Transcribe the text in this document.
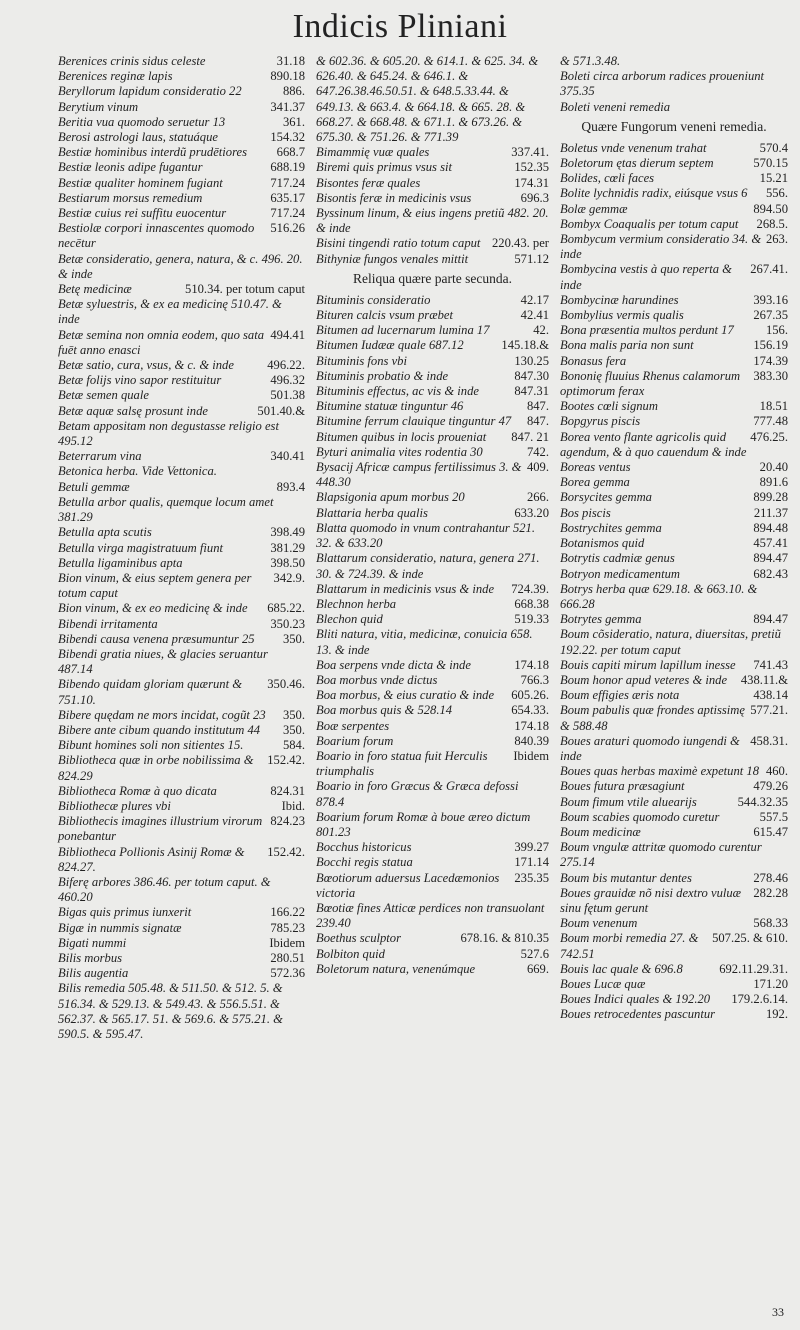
Indicis Pliniani
31.18
Berenices crinis sidus celeste
890.18
Berenices reginæ lapis
886.
Beryllorum lapidum consideratio 22
341.37
Berytium vinum
361.
Beritia vua quomodo seruetur 13
154.32
Berosi astrologi laus, statuáque
668.7
Bestiæ hominibus interdũ prudētiores
688.19
Bestiæ leonis adipe fugantur
717.24
Bestiæ qualiter hominem fugiant
635.17
Bestiarum morsus remedium
717.24
Bestiæ cuius rei suffitu euocentur
516.26
Bestiolæ corpori innascentes quomodo necētur
Betæ consideratio, genera, natura, & c. 496. 20. & inde
510.34. per totum caput
Betę medicinæ
Betæ syluestris, & ex ea medicinę 510.47. & inde
494.41
Betæ semina non omnia eodem, quo sata fuēt anno enasci
496.22.
Betæ satio, cura, vsus, & c. & inde
496.32
Betæ folijs vino sapor restituitur
501.38
Betæ semen quale
501.40.&
Betæ aquæ salsę prosunt inde
Betam appositam non degustasse religio est 495.12
340.41
Beterrarum vina
Betonica herba. Vide Vettonica.
893.4
Betuli gemmæ
Betulla arbor qualis, quemque locum amet 381.29
398.49
Betulla apta scutis
381.29
Betulla virga magistratuum fiunt
398.50
Betulla ligaminibus apta
342.9.
Bion vinum, & eius septem genera per totum caput
685.22.
Bion vinum, & ex eo medicinę & inde
350.23
Bibendi irritamenta
350.
Bibendi causa venena præsumuntur 25
Bibendi gratia niues, & glacies seruantur 487.14
350.46.
Bibendo quidam gloriam quærunt & 751.10.
350.
Bibere quędam ne mors incidat, cogũt 23
350.
Bibere ante cibum quando institutum 44
584.
Bibunt homines soli non sitientes 15.
152.42.
Bibliotheca quæ in orbe nobilissima & 824.29
824.31
Bibliotheca Romæ à quo dicata
Ibid.
Bibliothecæ plures vbi
824.23
Bibliothecis imagines illustrium virorum ponebantur
152.42.
Bibliotheca Pollionis Asinij Romæ & 824.27.
Biferę arbores 386.46. per totum caput. & 460.20
166.22
Bigas quis primus iunxerit
785.23
Bigæ in nummis signatæ
Ibidem
Bigati nummi
280.51
Bilis morbus
572.36
Bilis augentia
Bilis remedia 505.48. & 511.50. & 512. 5. & 516.34. & 529.13. & 549.43. & 556.5.51. & 562.37. & 565.17. 51. & 569.6. & 575.21. & 590.5. & 595.47.
& 602.36. & 605.20. & 614.1. & 625. 34. & 626.40. & 645.24. & 646.1. & 647.26.38.46.50.51. & 648.5.33.44. & 649.13. & 663.4. & 664.18. & 665. 28. & 668.27. & 668.48. & 671.1. & 673.26. & 675.30. & 751.26. & 771.39
337.41.
Bimammię vuæ quales
152.35
Biremi quis primus vsus sit
174.31
Bisontes feræ quales
696.3
Bisontis feræ in medicinis vsus
Byssinum linum, & eius ingens pretiũ 482. 20. & inde
220.43. per
Bisini tingendi ratio totum caput
571.12
Bithyniæ fungos venales mittit
Reliqua quære parte secunda.
42.17
Bituminis consideratio
42.41
Bituren calcis vsum præbet
42.
Bitumen ad lucernarum lumina 17
145.18.&
Bitumen Iudææ quale 687.12
130.25
Bituminis fons vbi
847.30
Bituminis probatio & inde
847.31
Bituminis effectus, ac vis & inde
847.
Bitumine statuæ tinguntur 46
847.
Bitumine ferrum clauique tinguntur 47
847. 21
Bitumen quibus in locis proueniat
742.
Byturi animalia vites rodentia 30
409.
Bysacij Africæ campus fertilissimus 3. & 448.30
266.
Blapsigonia apum morbus 20
633.20
Blattaria herba qualis
Blatta quomodo in vnum contrahantur 521. 32. & 633.20
Blattarum consideratio, natura, genera 271. 30. & 724.39. & inde
724.39.
Blattarum in medicinis vsus & inde
668.38
Blechnon herba
519.33
Blechon quid
Bliti natura, vitia, medicinæ, conuicia 658. 13. & inde
174.18
Boa serpens vnde dicta & inde
766.3
Boa morbus vnde dictus
605.26.
Boa morbus, & eius curatio & inde
654.33.
Boa morbus quis & 528.14
174.18
Boæ serpentes
840.39
Boarium forum
Ibidem
Boario in foro statua fuit Herculis triumphalis
Boario in foro Græcus & Græca defossi 878.4
Boarium forum Romæ à boue æreo dictum 801.23
399.27
Bocchus historicus
171.14
Bocchi regis statua
235.35
Bœotiorum aduersus Lacedæmonios victoria
Bœotiæ fines Atticæ perdices non transuolant 239.40
678.16. & 810.35
Boethus sculptor
527.6
Bolbiton quid
669.
Boletorum natura, venenúmque
& 571.3.48.
Boleti circa arborum radices proueniunt 375.35
Boleti veneni remedia
Quære Fungorum veneni remedia.
570.4
Boletus vnde venenum trahat
570.15
Boletorum ętas dierum septem
15.21
Bolides, cœli faces
556.
Bolite lychnidis radix, eiúsque vsus 6
894.50
Bolæ gemmæ
268.5.
Bombyx Coaqualis per totum caput
263.
Bombycum vermium consideratio 34. & inde
267.41.
Bombycina vestis à quo reperta & inde
393.16
Bombycinæ harundines
267.35
Bombylius vermis qualis
156.
Bona præsentia multos perdunt 17
156.19
Bona malis paria non sunt
174.39
Bonasus fera
383.30
Bononię fluuius Rhenus calamorum optimorum ferax
18.51
Bootes cœli signum
777.48
Bopgyrus piscis
476.25.
Borea vento flante agricolis quid agendum, & à quo cauendum & inde
20.40
Boreas ventus
891.6
Borea gemma
899.28
Borsycites gemma
211.37
Bos piscis
894.48
Bostrychites gemma
457.41
Botanismos quid
894.47
Botrytis cadmiæ genus
682.43
Botryon medicamentum
Botrys herba quæ 629.18. & 663.10. & 666.28
894.47
Botrytes gemma
Boum cõsideratio, natura, diuersitas, pretiũ 192.22. per totum caput
741.43
Bouis capiti mirum lapillum inesse
438.11.&
Boum honor apud veteres & inde
438.14
Boum effigies æris nota
577.21.
Boum pabulis quæ frondes aptissimę & 588.48
458.31.
Boues araturi quomodo iungendi & inde
460.
Boues quas herbas maximè expetunt 18
479.26
Boues futura præsagiunt
544.32.35
Boum fimum vtile aluearijs
557.5
Boum scabies quomodo curetur
615.47
Boum medicinæ
Boum vngulæ attritæ quomodo curentur 275.14
278.46
Boum bis mutantur dentes
282.28
Boues grauidæ nõ nisi dextro vuluæ sinu fętum gerunt
568.33
Boum venenum
507.25. & 610.
Boum morbi remedia 27. & 742.51
692.11.29.31.
Bouis lac quale & 696.8
171.20
Boues Lucæ quæ
179.2.6.14.
Boues Indici quales & 192.20
192.
Boues retrocedentes pascuntur
33
